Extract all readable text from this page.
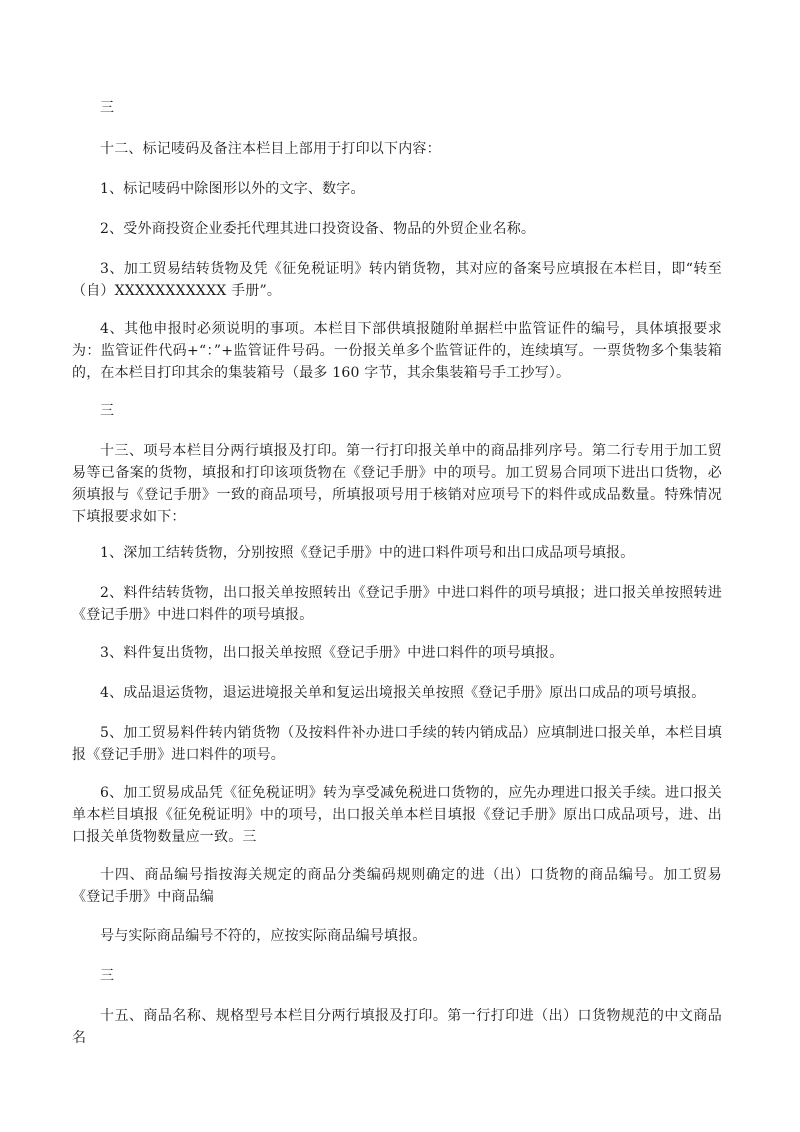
三

十二、标记唛码及备注本栏目上部用于打印以下内容：

1、标记唛码中除图形以外的文字、数字。

2、受外商投资企业委托代理其进口投资设备、物品的外贸企业名称。

3、加工贸易结转货物及凭《征免税证明》转内销货物，其对应的备案号应填报在本栏目，即“转至（自）XXXXXXXXXXX 手册”。

4、其他申报时必须说明的事项。本栏目下部供填报随附单据栏中监管证件的编号，具体填报要求为：监管证件代码+“：”+监管证件号码。一份报关单多个监管证件的，连续填写。一票货物多个集装箱的，在本栏目打印其余的集装箱号（最多 160 字节，其余集装箱号手工抄写）。

三

十三、项号本栏目分两行填报及打印。第一行打印报关单中的商品排列序号。第二行专用于加工贸易等已备案的货物，填报和打印该项货物在《登记手册》中的项号。加工贸易合同项下进出口货物，必须填报与《登记手册》一致的商品项号，所填报项号用于核销对应项号下的料件或成品数量。特殊情况下填报要求如下：

1、深加工结转货物，分别按照《登记手册》中的进口料件项号和出口成品项号填报。

2、料件结转货物，出口报关单按照转出《登记手册》中进口料件的项号填报；进口报关单按照转进《登记手册》中进口料件的项号填报。

3、料件复出货物，出口报关单按照《登记手册》中进口料件的项号填报。

4、成品退运货物，退运进境报关单和复运出境报关单按照《登记手册》原出口成品的项号填报。

5、加工贸易料件转内销货物（及按料件补办进口手续的转内销成品）应填制进口报关单，本栏目填报《登记手册》进口料件的项号。

6、加工贸易成品凭《征免税证明》转为享受减免税进口货物的，应先办理进口报关手续。进口报关单本栏目填报《征免税证明》中的项号，出口报关单本栏目填报《登记手册》原出口成品项号，进、出口报关单货物数量应一致。三

十四、商品编号指按海关规定的商品分类编码规则确定的进（出）口货物的商品编号。加工贸易《登记手册》中商品编

号与实际商品编号不符的，应按实际商品编号填报。

三

十五、商品名称、规格型号本栏目分两行填报及打印。第一行打印进（出）口货物规范的中文商品名
